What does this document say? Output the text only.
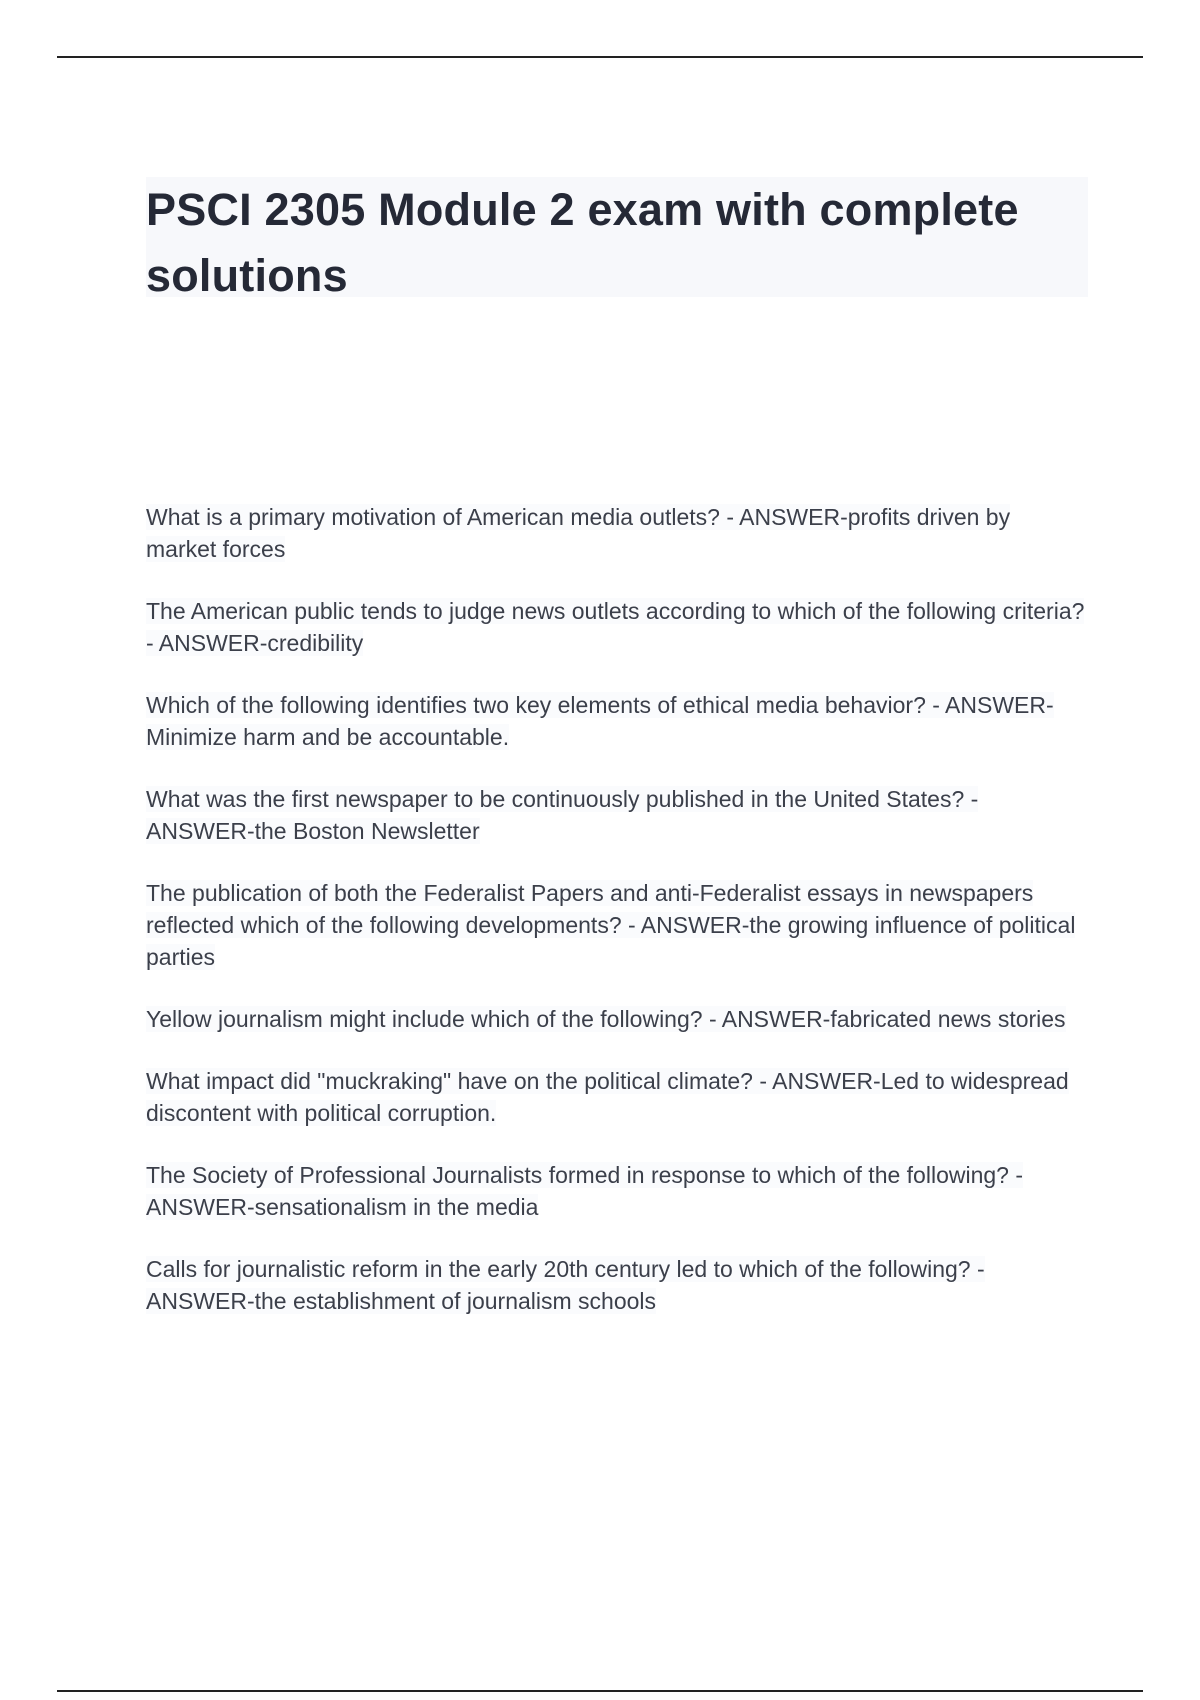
PSCI 2305 Module 2 exam with complete solutions
What is a primary motivation of American media outlets? - ANSWER-profits driven by market forces
The American public tends to judge news outlets according to which of the following criteria? - ANSWER-credibility
Which of the following identifies two key elements of ethical media behavior? - ANSWER-Minimize harm and be accountable.
What was the first newspaper to be continuously published in the United States? - ANSWER-the Boston Newsletter
The publication of both the Federalist Papers and anti-Federalist essays in newspapers reflected which of the following developments? - ANSWER-the growing influence of political parties
Yellow journalism might include which of the following? - ANSWER-fabricated news stories
What impact did "muckraking" have on the political climate? - ANSWER-Led to widespread discontent with political corruption.
The Society of Professional Journalists formed in response to which of the following? - ANSWER-sensationalism in the media
Calls for journalistic reform in the early 20th century led to which of the following? - ANSWER-the establishment of journalism schools
